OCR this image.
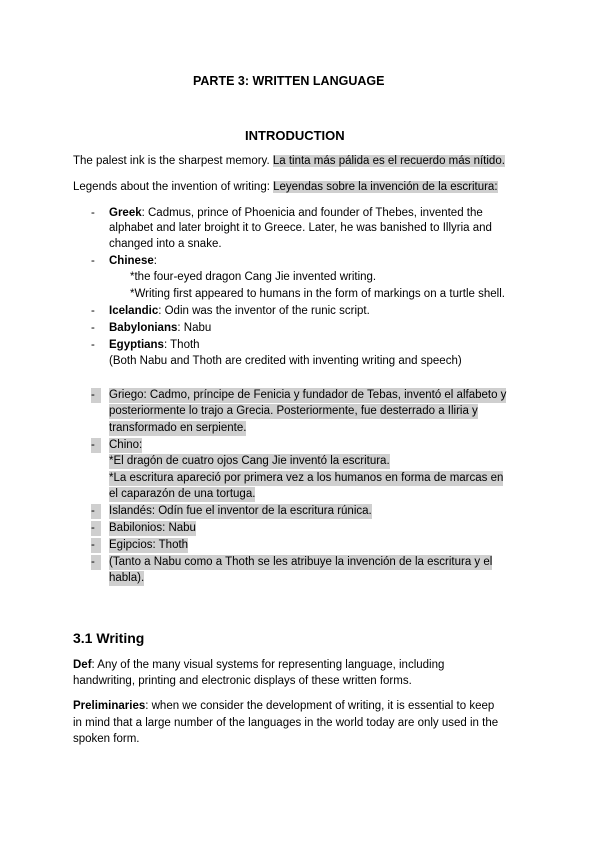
PARTE 3: WRITTEN LANGUAGE
INTRODUCTION
The palest ink is the sharpest memory. La tinta más pálida es el recuerdo más nítido.
Legends about the invention of writing: Leyendas sobre la invención de la escritura:
-	Greek: Cadmus, prince of Phoenicia and founder of Thebes, invented the
alphabet and later broight it to Greece. Later, he was banished to Illyria and
changed into a snake.
-	Chinese:
*the four-eyed dragon Cang Jie invented writing.
*Writing first appeared to humans in the form of markings on a turtle shell.
-	Icelandic: Odin was the inventor of the runic script.
-	Babylonians: Nabu
-	Egyptians: Thoth
(Both Nabu and Thoth are credited with inventing writing and speech)
-	Griego: Cadmo, príncipe de Fenicia y fundador de Tebas, inventó el alfabeto y
posteriormente lo trajo a Grecia. Posteriormente, fue desterrado a Iliria y
transformado en serpiente.
-	Chino:
*El dragón de cuatro ojos Cang Jie inventó la escritura.
*La escritura apareció por primera vez a los humanos en forma de marcas en
el caparazón de una tortuga.
-	Islandés: Odín fue el inventor de la escritura rúnica.
-	Babilonios: Nabu
-	Egipcios: Thoth
-	(Tanto a Nabu como a Thoth se les atribuye la invención de la escritura y el
habla).
3.1 Writing
Def: Any of the many visual systems for representing language, including
handwriting, printing and electronic displays of these written forms.
Preliminaries: when we consider the development of writing, it is essential to keep
in mind that a large number of the languages in the world today are only used in the
spoken form.
